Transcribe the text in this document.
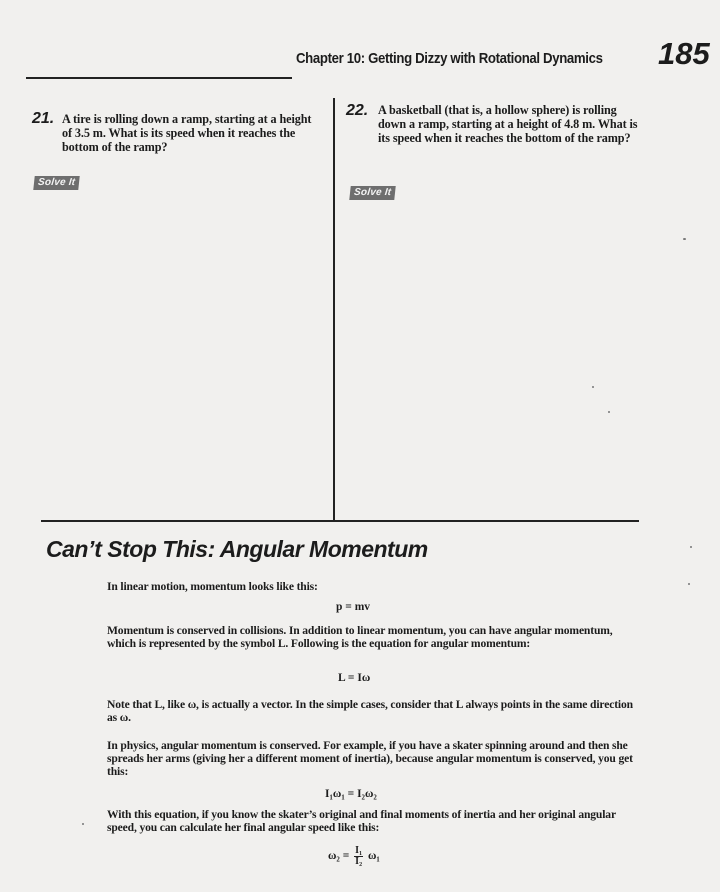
Chapter 10: Getting Dizzy with Rotational Dynamics 185
21. A tire is rolling down a ramp, starting at a height of 3.5 m. What is its speed when it reaches the bottom of the ramp?
Solve It
22. A basketball (that is, a hollow sphere) is rolling down a ramp, starting at a height of 4.8 m. What is its speed when it reaches the bottom of the ramp?
Solve It
Can’t Stop This: Angular Momentum
In linear motion, momentum looks like this:
p = mv
Momentum is conserved in collisions. In addition to linear momentum, you can have angular momentum, which is represented by the symbol L. Following is the equation for angular momentum:
L = Iω
Note that L, like ω, is actually a vector. In the simple cases, consider that L always points in the same direction as ω.
In physics, angular momentum is conserved. For example, if you have a skater spinning around and then she spreads her arms (giving her a different moment of inertia), because angular momentum is conserved, you get this:
I₁ω₁ = I₂ω₂
With this equation, if you know the skater’s original and final moments of inertia and her original angular speed, you can calculate her final angular speed like this:
$\omega_2 = \frac{\text{I₁}}{\text{I₂}} \omega_1$
